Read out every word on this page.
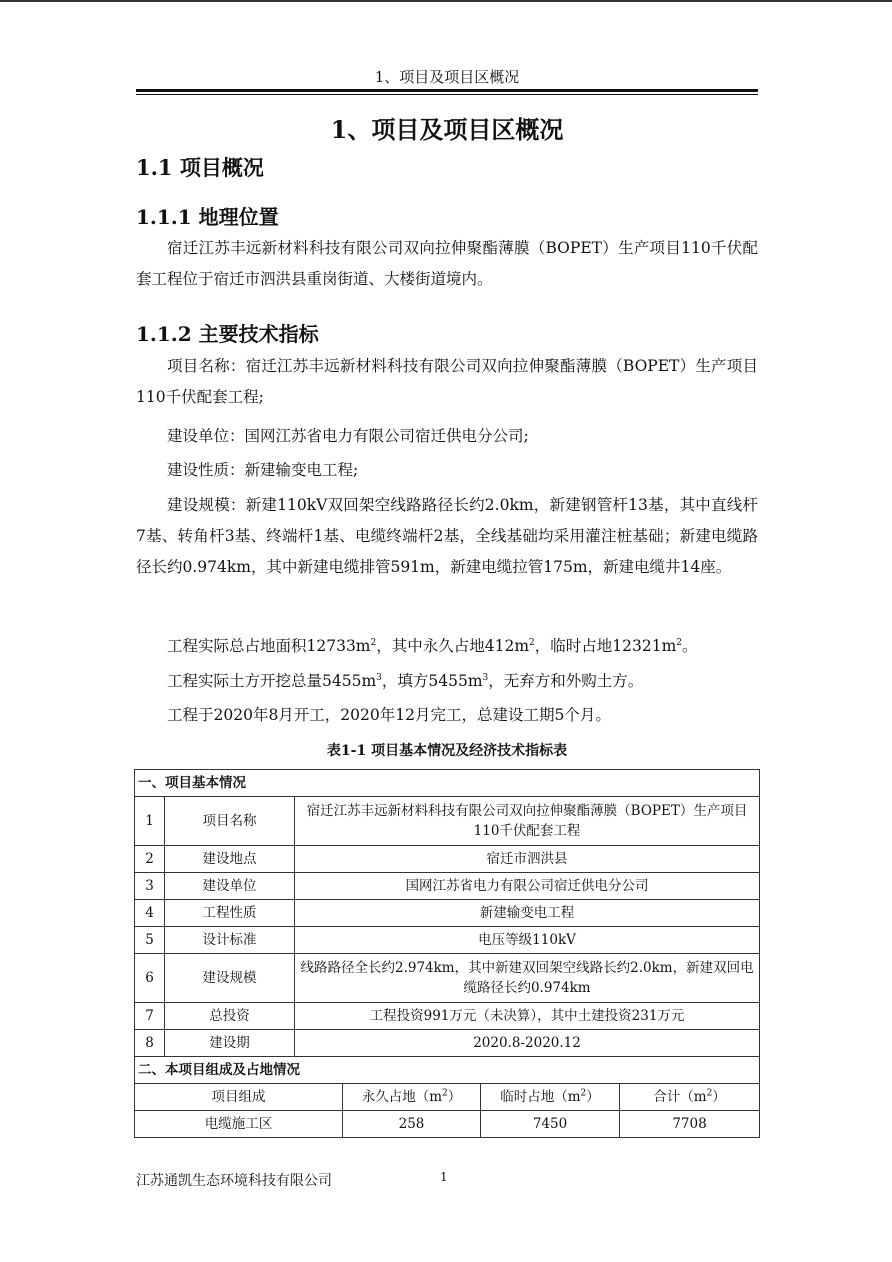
1、项目及项目区概况
1、项目及项目区概况
1.1 项目概况
1.1.1 地理位置
宿迁江苏丰远新材料科技有限公司双向拉伸聚酯薄膜（BOPET）生产项目110千伏配套工程位于宿迁市泗洪县重岗街道、大楼街道境内。
1.1.2 主要技术指标
项目名称：宿迁江苏丰远新材料科技有限公司双向拉伸聚酯薄膜（BOPET）生产项目110千伏配套工程;
建设单位：国网江苏省电力有限公司宿迁供电分公司;
建设性质：新建输变电工程;
建设规模：新建110kV双回架空线路路径长约2.0km，新建钢管杆13基，其中直线杆7基、转角杆3基、终端杆1基、电缆终端杆2基，全线基础均采用灌注桩基础；新建电缆路径长约0.974km，其中新建电缆排管591m，新建电缆拉管175m，新建电缆井14座。
工程实际总占地面积$12733m^2$，其中永久占地$412m^2$，临时占地$12321m^2$。
工程实际土方开挖总量$5455m^3$，填方$5455m^3$，无弃方和外购土方。
工程于2020年8月开工，2020年12月完工，总建设工期5个月。
表1-1 项目基本情况及经济技术指标表
一、项目基本情况					
1	项目名称	宿迁江苏丰远新材料科技有限公司双向拉伸聚酯薄膜（BOPET）生产项目110千伏配套工程			
2	建设地点	宿迁市泗洪县			
3	建设单位	国网江苏省电力有限公司宿迁供电分公司			
4	工程性质	新建输变电工程			
5	设计标准	电压等级110kV			
6	建设规模	线路路径全长约2.974km，其中新建双回架空线路长约2.0km，新建双回电缆路径长约0.974km			
7	总投资	工程投资991万元（未决算），其中土建投资231万元			
8	建设期	2020.8-2020.12			
二、本项目组成及占地情况					
项目组成			永久占地$(m^2)$	临时占地$(m^2)$	合计$(m^2)$
电缆施工区			258	7450	7708
江苏通凯生态环境科技有限公司	1
